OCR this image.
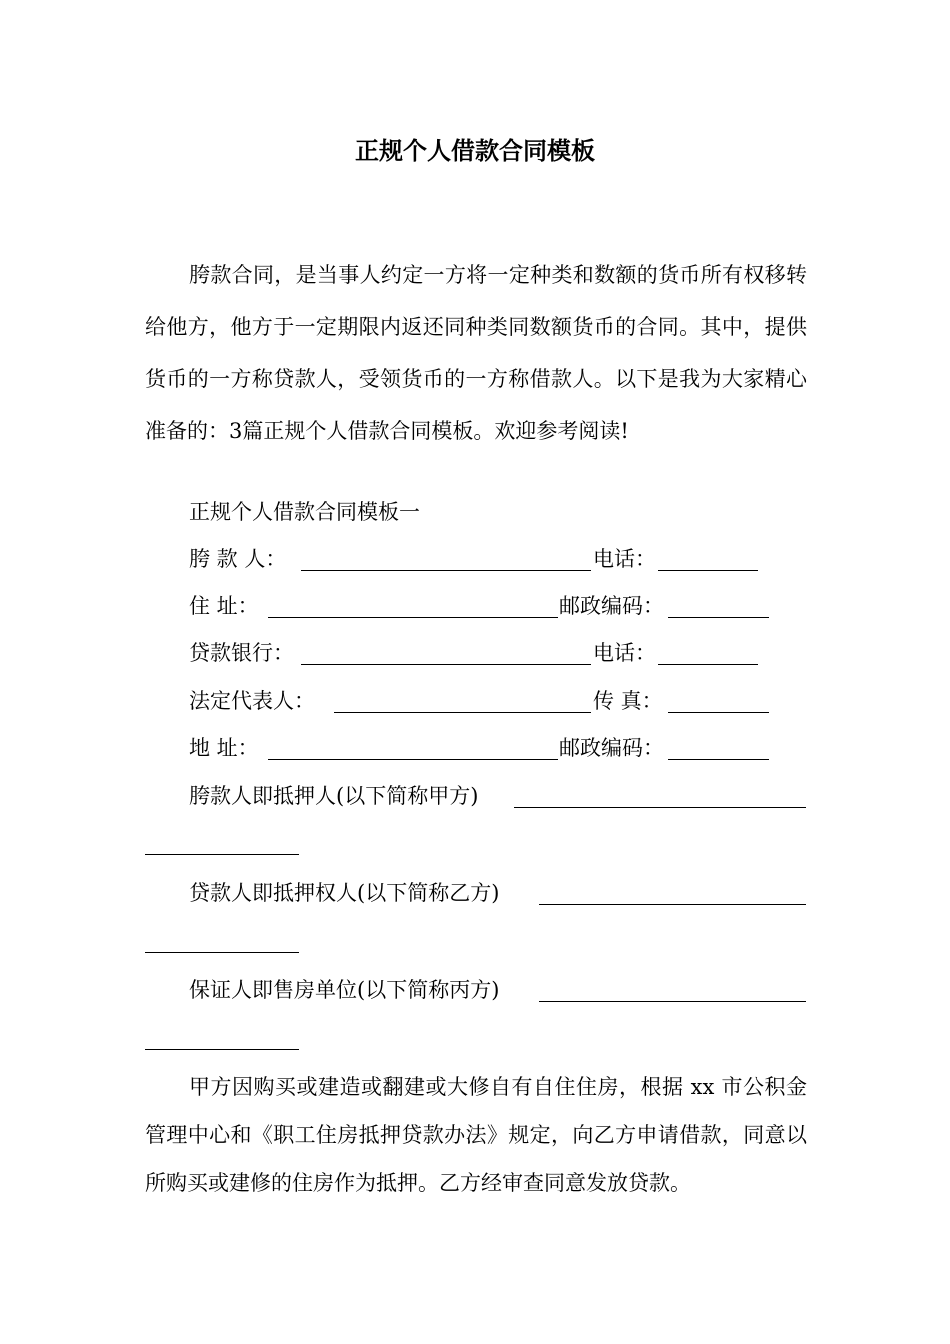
正规个人借款合同模板

胯款合同，是当事人约定一方将一定种类和数额的货币所有权移转给他方，他方于一定期限内返还同种类同数额货币的合同。其中，提供货币的一方称贷款人，受领货币的一方称借款人。以下是我为大家精心准备的：3篇正规个人借款合同模板。欢迎参考阅读!

正规个人借款合同模板一
胯 款 人：	电话：
住 址：	邮政编码：
贷款银行：	电话：
法定代表人：	传 真：
地 址：	邮政编码：
胯款人即抵押人(以下简称甲方)
贷款人即抵押权人(以下简称乙方)
保证人即售房单位(以下简称丙方)

甲方因购买或建造或翻建或大修自有自住住房，根据 xx 市公积金管理中心和《职工住房抵押贷款办法》规定，向乙方申请借款，同意以所购买或建修的住房作为抵押。乙方经审查同意发放贷款。
